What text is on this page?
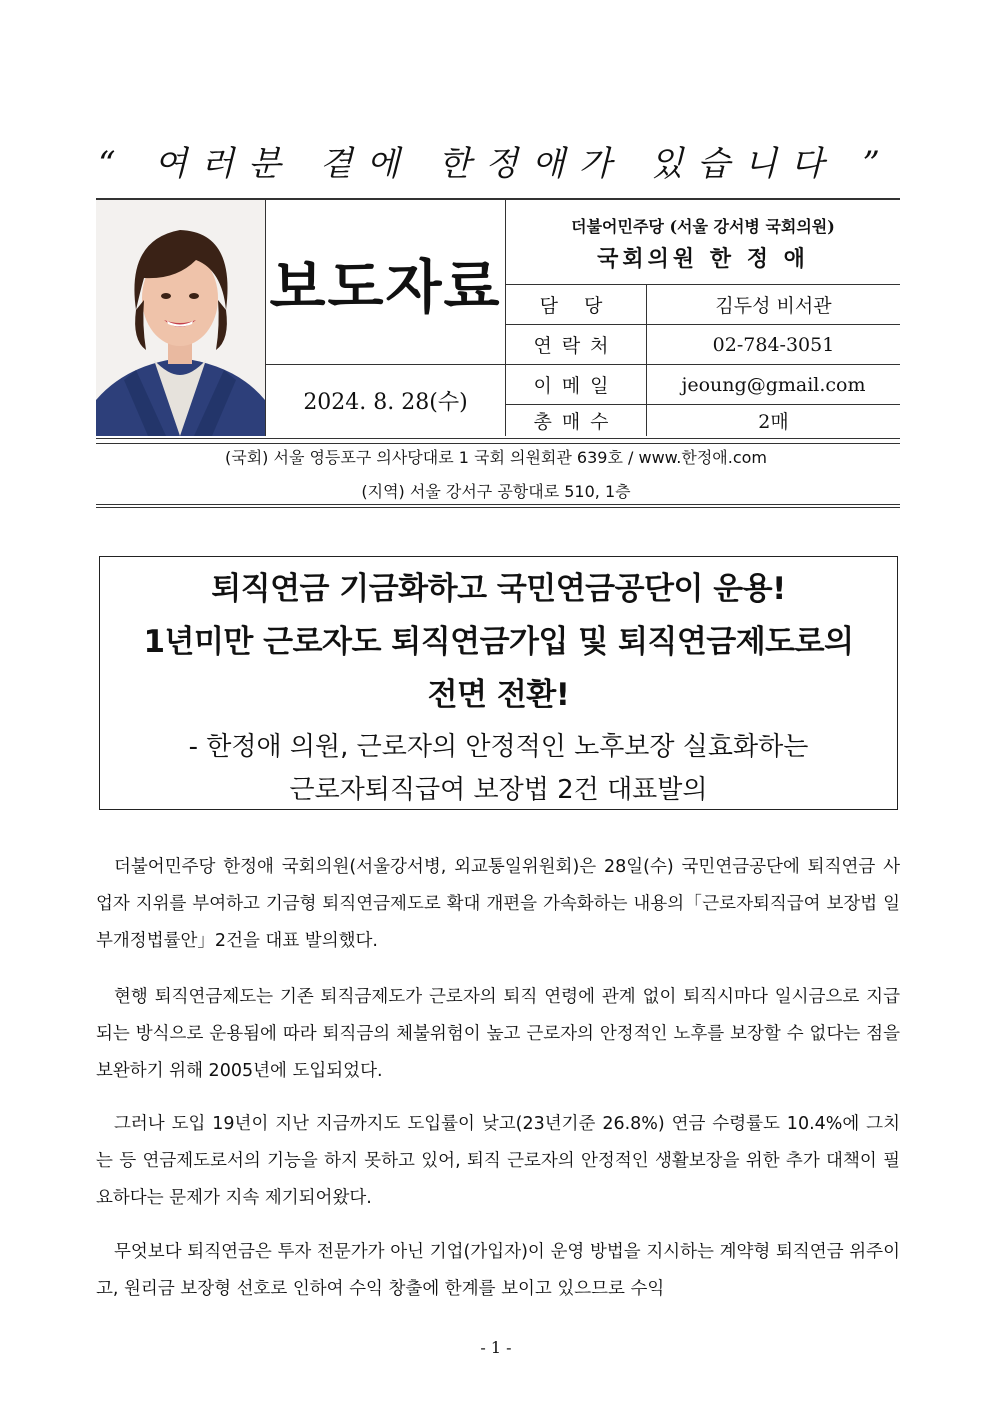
“ 여러분 곁에 한정애가 있습니다 ”
보도자료
2024. 8. 28(수)
더불어민주당 (서울 강서병 국회의원)
국회의원 한 정 애
담 당	김두성 비서관
연락처	02-784-3051
이메일	jeoung@gmail.com
총매수	2매
(국회) 서울 영등포구 의사당대로 1 국회 의원회관 639호 / www.한정애.com
(지역) 서울 강서구 공항대로 510, 1층
퇴직연금 기금화하고 국민연금공단이 운용!
1년미만 근로자도 퇴직연금가입 및 퇴직연금제도로의
전면 전환!
- 한정애 의원, 근로자의 안정적인 노후보장 실효화하는
근로자퇴직급여 보장법 2건 대표발의
더불어민주당 한정애 국회의원(서울강서병, 외교통일위원회)은 28일(수) 국민연금공단에 퇴직연금 사업자 지위를 부여하고 기금형 퇴직연금제도로 확대 개편을 가속화하는 내용의「근로자퇴직급여 보장법 일부개정법률안」2건을 대표 발의했다.
현행 퇴직연금제도는 기존 퇴직금제도가 근로자의 퇴직 연령에 관계 없이 퇴직시마다 일시금으로 지급되는 방식으로 운용됨에 따라 퇴직금의 체불위험이 높고 근로자의 안정적인 노후를 보장할 수 없다는 점을 보완하기 위해 2005년에 도입되었다.
그러나 도입 19년이 지난 지금까지도 도입률이 낮고(23년기준 26.8%) 연금 수령률도 10.4%에 그치는 등 연금제도로서의 기능을 하지 못하고 있어, 퇴직 근로자의 안정적인 생활보장을 위한 추가 대책이 필요하다는 문제가 지속 제기되어왔다.
무엇보다 퇴직연금은 투자 전문가가 아닌 기업(가입자)이 운영 방법을 지시하는 계약형 퇴직연금 위주이고, 원리금 보장형 선호로 인하여 수익 창출에 한계를 보이고 있으므로 수익
- 1 -
